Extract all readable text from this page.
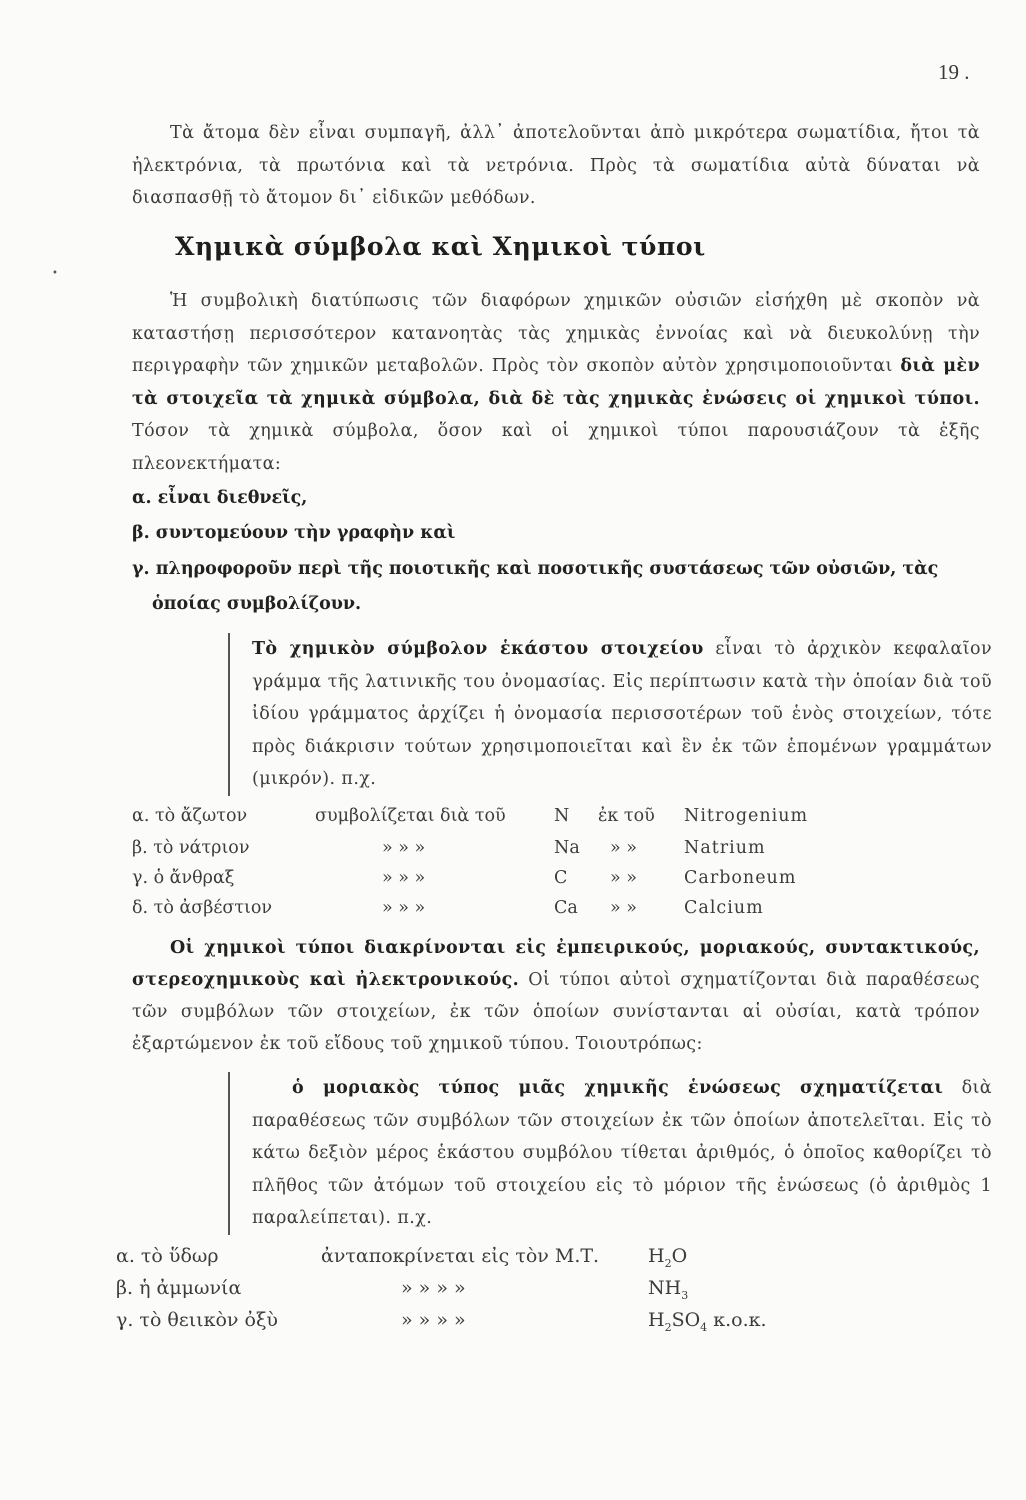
19 .
Τὰ ἄτομα δὲν εἶναι συμπαγῆ, ἀλλ᾽ ἀποτελοῦνται ἀπὸ μικρότερα σωματίδια, ἤτοι τὰ ἠλεκτρόνια, τὰ πρωτόνια καὶ τὰ νετρόνια. Πρὸς τὰ σωματίδια αὐτὰ δύναται νὰ διασπασθῇ τὸ ἄτομον δι᾽ εἰδικῶν μεθόδων.
•
Χημικὰ σύμβολα καὶ Χημικοὶ τύποι
Ἡ συμβολικὴ διατύπωσις τῶν διαφόρων χημικῶν οὐσιῶν εἰσήχθη μὲ σκοπὸν νὰ καταστήσῃ περισσότερον κατανοητὰς τὰς χημικὰς ἐννοίας καὶ νὰ διευκολύνῃ τὴν περιγραφὴν τῶν χημικῶν μεταβολῶν. Πρὸς τὸν σκοπὸν αὐτὸν χρησιμοποιοῦνται διὰ μὲν τὰ στοιχεῖα τὰ χημικὰ σύμβολα, διὰ δὲ τὰς χημικὰς ἐνώσεις οἱ χημικοὶ τύποι. Τόσον τὰ χημικὰ σύμβολα, ὅσον καὶ οἱ χημικοὶ τύποι παρουσιάζουν τὰ ἑξῆς πλεονεκτήματα:
α. εἶναι διεθνεῖς,
β. συντομεύουν τὴν γραφὴν καὶ
γ. πληροφοροῦν περὶ τῆς ποιοτικῆς καὶ ποσοτικῆς συστάσεως τῶν οὐσιῶν, τὰς
ὁποίας συμβολίζουν.
Τὸ χημικὸν σύμβολον ἑκάστου στοιχείου εἶναι τὸ ἀρχικὸν κεφαλαῖον γράμμα τῆς λατινικῆς του ὀνομασίας. Εἰς περίπτωσιν κατὰ τὴν ὁποίαν διὰ τοῦ ἰδίου γράμματος ἀρχίζει ἡ ὀνομασία περισσοτέρων τοῦ ἑνὸς στοιχείων, τότε πρὸς διάκρισιν τούτων χρησιμοποιεῖται καὶ ἓν ἐκ τῶν ἑπομένων γραμμάτων (μικρόν). π.χ.
α. τὸ ἄζωτον	συμβολίζεται διὰ τοῦ	N ἐκ τοῦ Nitrogenium
β. τὸ νάτριον	» » »	Na » »	Natrium
γ. ὁ ἄνθραξ	» » »	C » »	Carboneum
δ. τὸ ἀσβέστιον	» » »	Ca » »	Calcium
Οἱ χημικοὶ τύποι διακρίνονται εἰς ἐμπειρικούς, μοριακούς, συντακτικούς, στερεοχημικοὺς καὶ ἠλεκτρονικούς. Οἱ τύποι αὐτοὶ σχηματίζονται διὰ παραθέσεως τῶν συμβόλων τῶν στοιχείων, ἐκ τῶν ὁποίων συνίστανται αἱ οὐσίαι, κατὰ τρόπον ἐξαρτώμενον ἐκ τοῦ εἴδους τοῦ χημικοῦ τύπου. Τοιουτρόπως:
ὁ μοριακὸς τύπος μιᾶς χημικῆς ἑνώσεως σχηματίζεται διὰ παραθέσεως τῶν συμβόλων τῶν στοιχείων ἐκ τῶν ὁποίων ἀποτελεῖται. Εἰς τὸ κάτω δεξιὸν μέρος ἑκάστου συμβόλου τίθεται ἀριθμός, ὁ ὁποῖος καθορίζει τὸ πλῆθος τῶν ἀτόμων τοῦ στοιχείου εἰς τὸ μόριον τῆς ἑνώσεως (ὁ ἀριθμὸς 1 παραλείπεται). π.χ.
α. τὸ ὕδωρ	ἀνταποκρίνεται εἰς τὸν Μ.Τ.	$H_2O$
β. ἡ ἀμμωνία	» » » »	$NH_3$
γ. τὸ θειικὸν ὀξὺ	» » » »	$H_2SO_4$ κ.ο.κ.
